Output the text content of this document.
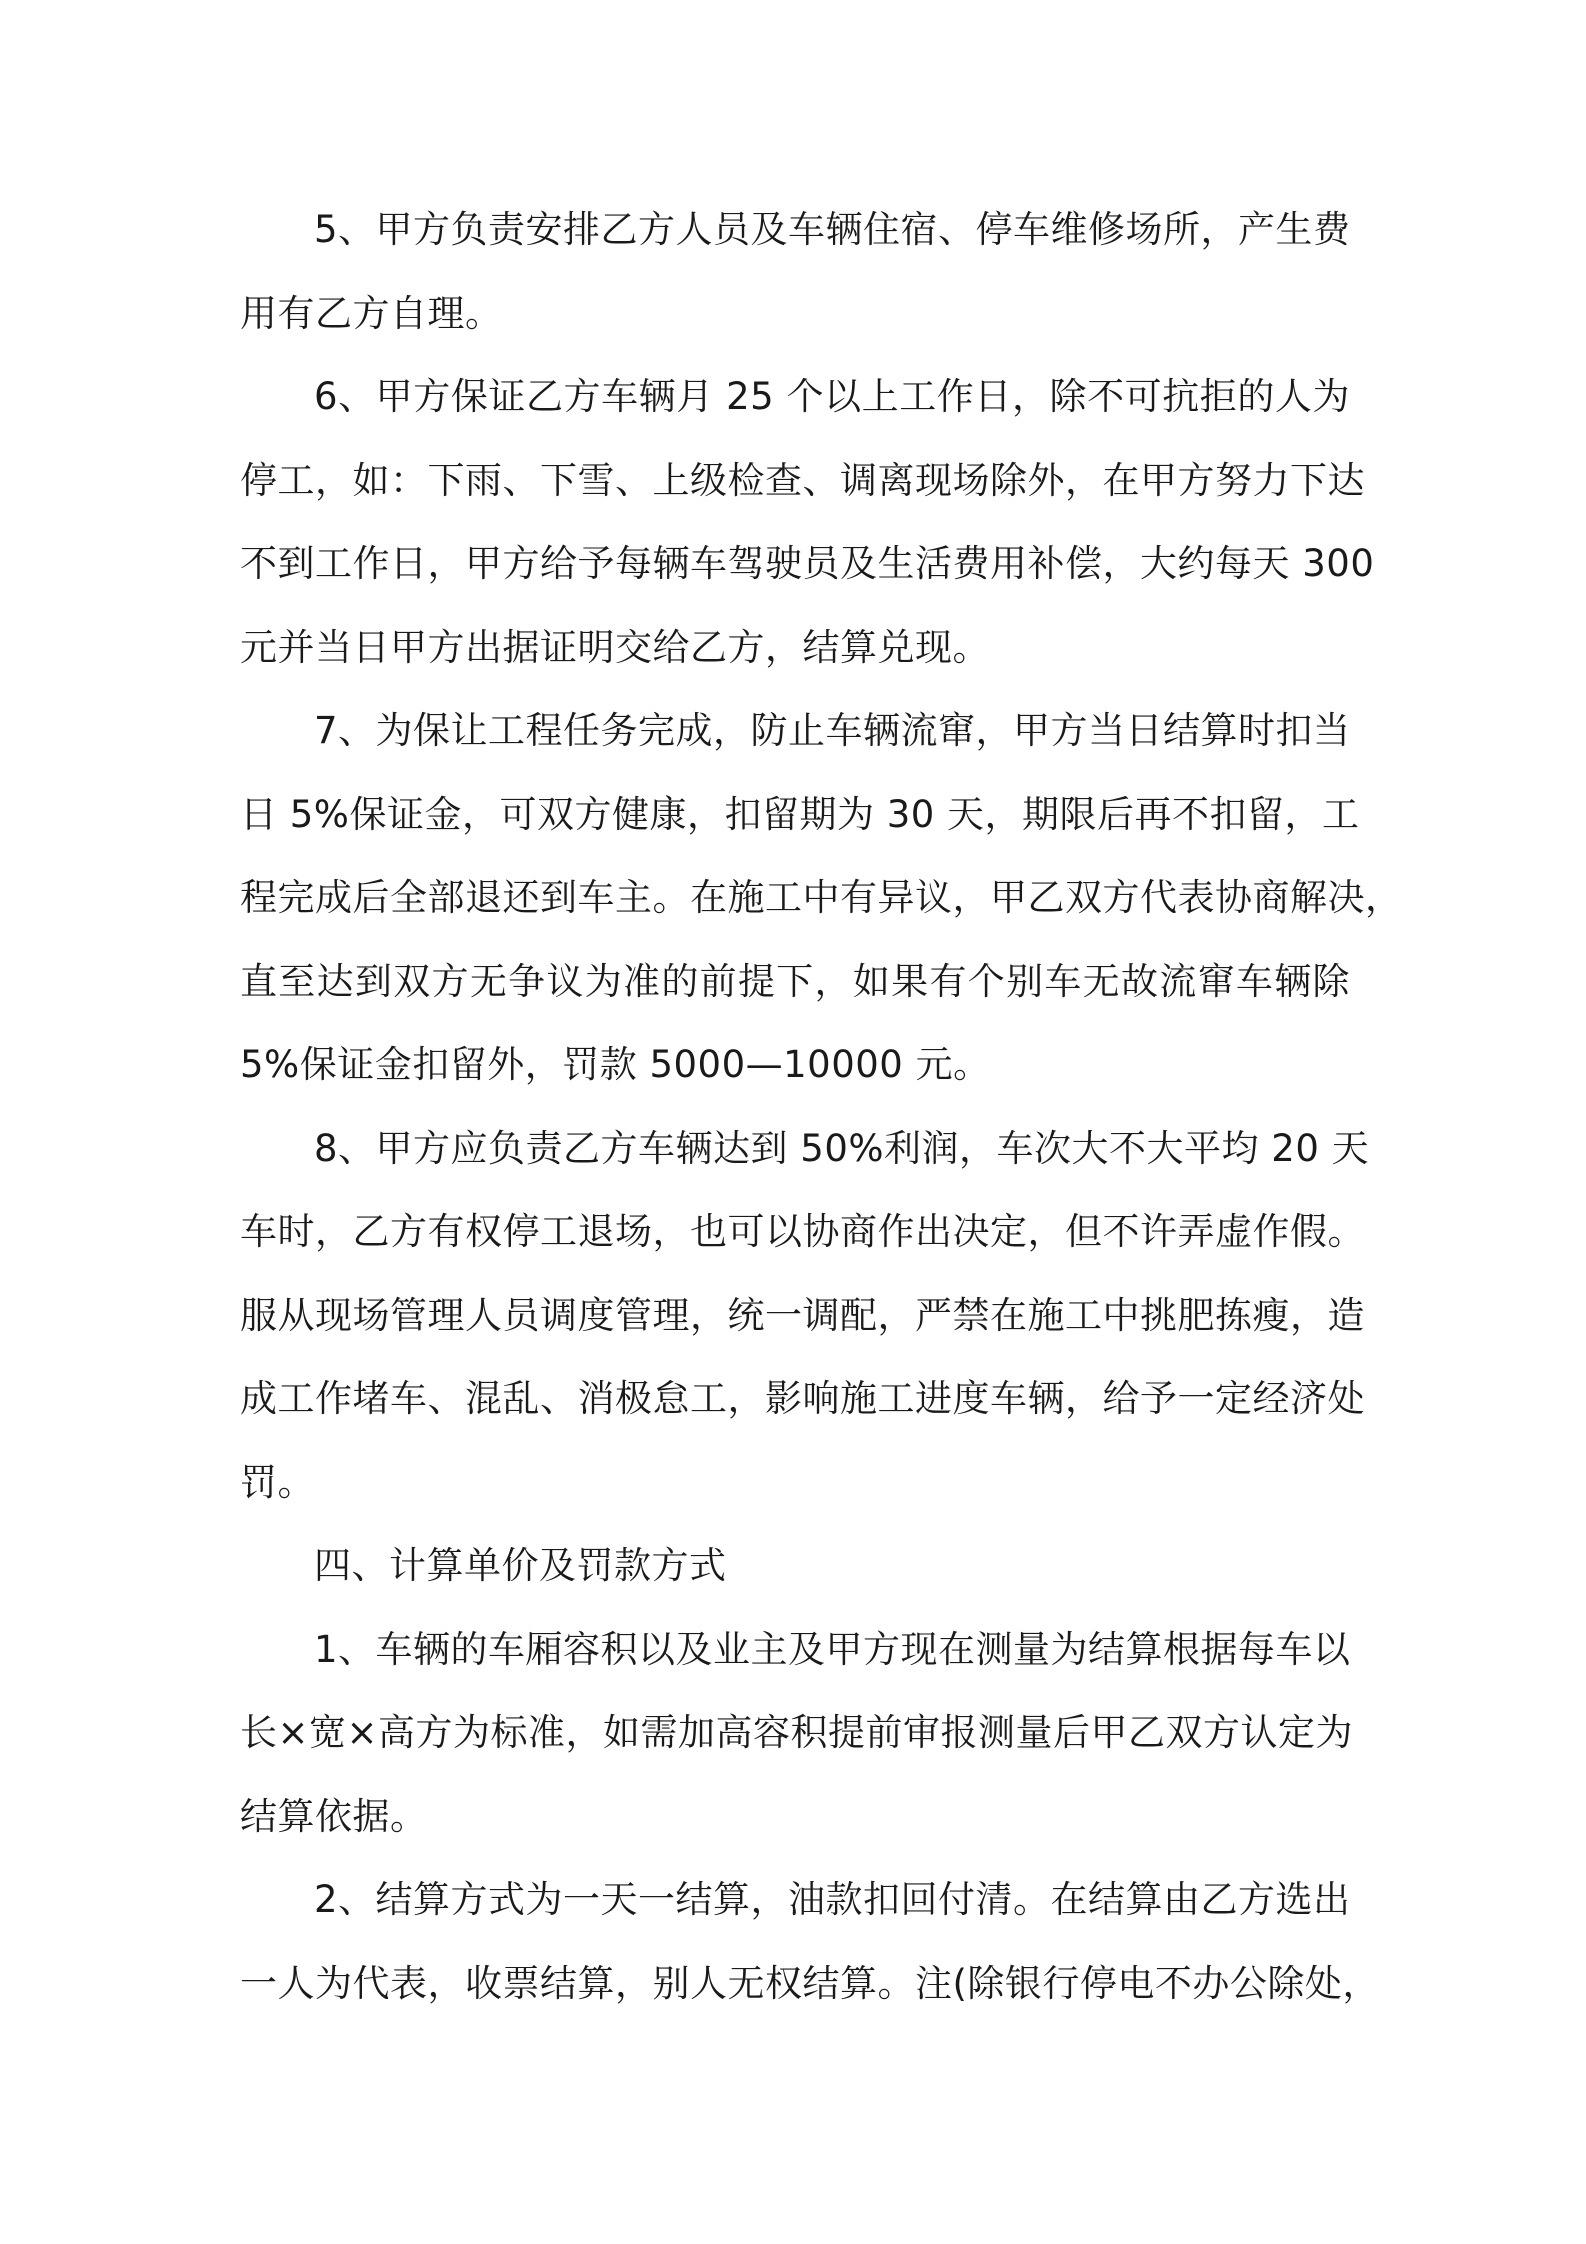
5、甲方负责安排乙方人员及车辆住宿、停车维修场所，产生费
用有乙方自理。
6、甲方保证乙方车辆月 25 个以上工作日，除不可抗拒的人为
停工，如：下雨、下雪、上级检查、调离现场除外，在甲方努力下达
不到工作日，甲方给予每辆车驾驶员及生活费用补偿，大约每天 300
元并当日甲方出据证明交给乙方，结算兑现。
7、为保让工程任务完成，防止车辆流窜，甲方当日结算时扣当
日 5%保证金，可双方健康，扣留期为 30 天，期限后再不扣留，工
程完成后全部退还到车主。在施工中有异议，甲乙双方代表协商解决，
直至达到双方无争议为准的前提下，如果有个别车无故流窜车辆除
5%保证金扣留外，罚款 5000—10000 元。
8、甲方应负责乙方车辆达到 50%利润，车次大不大平均 20 天
车时，乙方有权停工退场，也可以协商作出决定，但不许弄虚作假。
服从现场管理人员调度管理，统一调配，严禁在施工中挑肥拣瘦，造
成工作堵车、混乱、消极怠工，影响施工进度车辆，给予一定经济处
罚。
四、计算单价及罚款方式
1、车辆的车厢容积以及业主及甲方现在测量为结算根据每车以
长×宽×高方为标准，如需加高容积提前审报测量后甲乙双方认定为
结算依据。
2、结算方式为一天一结算，油款扣回付清。在结算由乙方选出
一人为代表，收票结算，别人无权结算。注(除银行停电不办公除处，
